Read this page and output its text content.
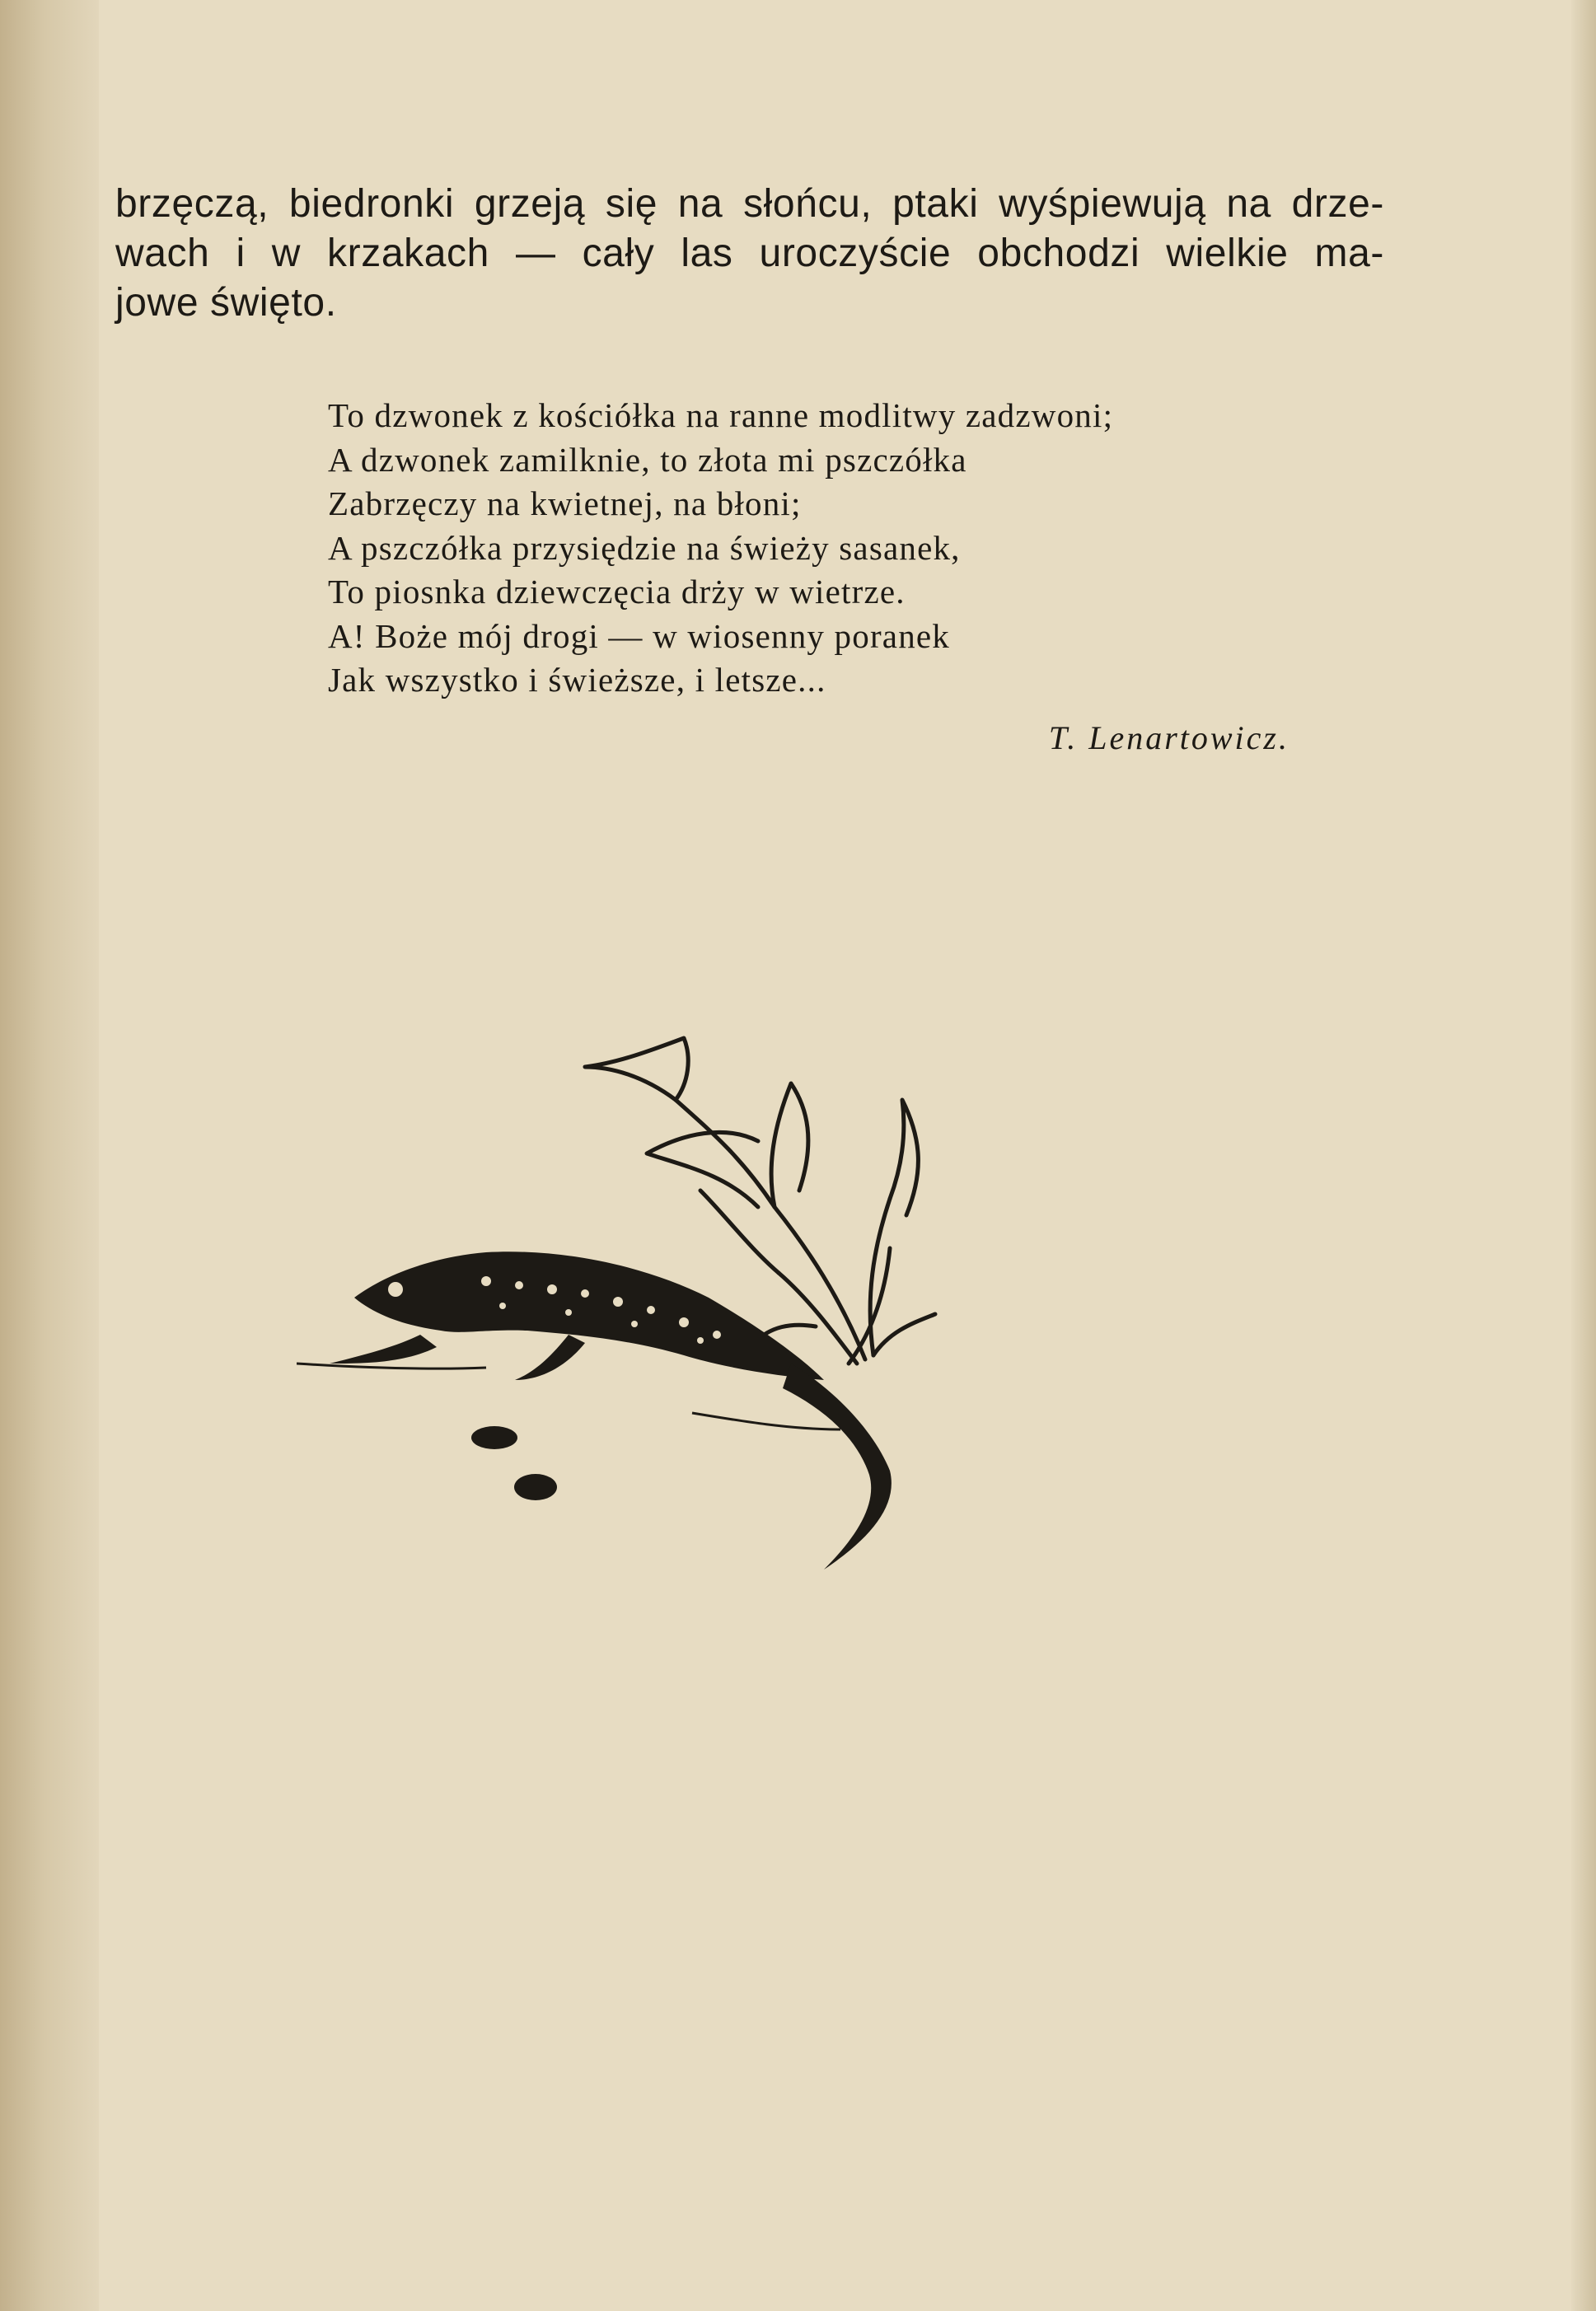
brzęczą, biedronki grzeją się na słońcu, ptaki wyśpiewują na drze-
wach i w krzakach — cały las uroczyście obchodzi wielkie ma-
jowe święto.

To dzwonek z kościółka na ranne modlitwy zadzwoni;
A dzwonek zamilknie, to złota mi pszczółka
Zabrzęczy na kwietnej, na błoni;
A pszczółka przysiędzie na świeży sasanek,
To piosnka dziewczęcia drży w wietrze.
A! Boże mój drogi — w wiosenny poranek
Jak wszystko i świeższe, i letsze...

T. Lenartowicz.
